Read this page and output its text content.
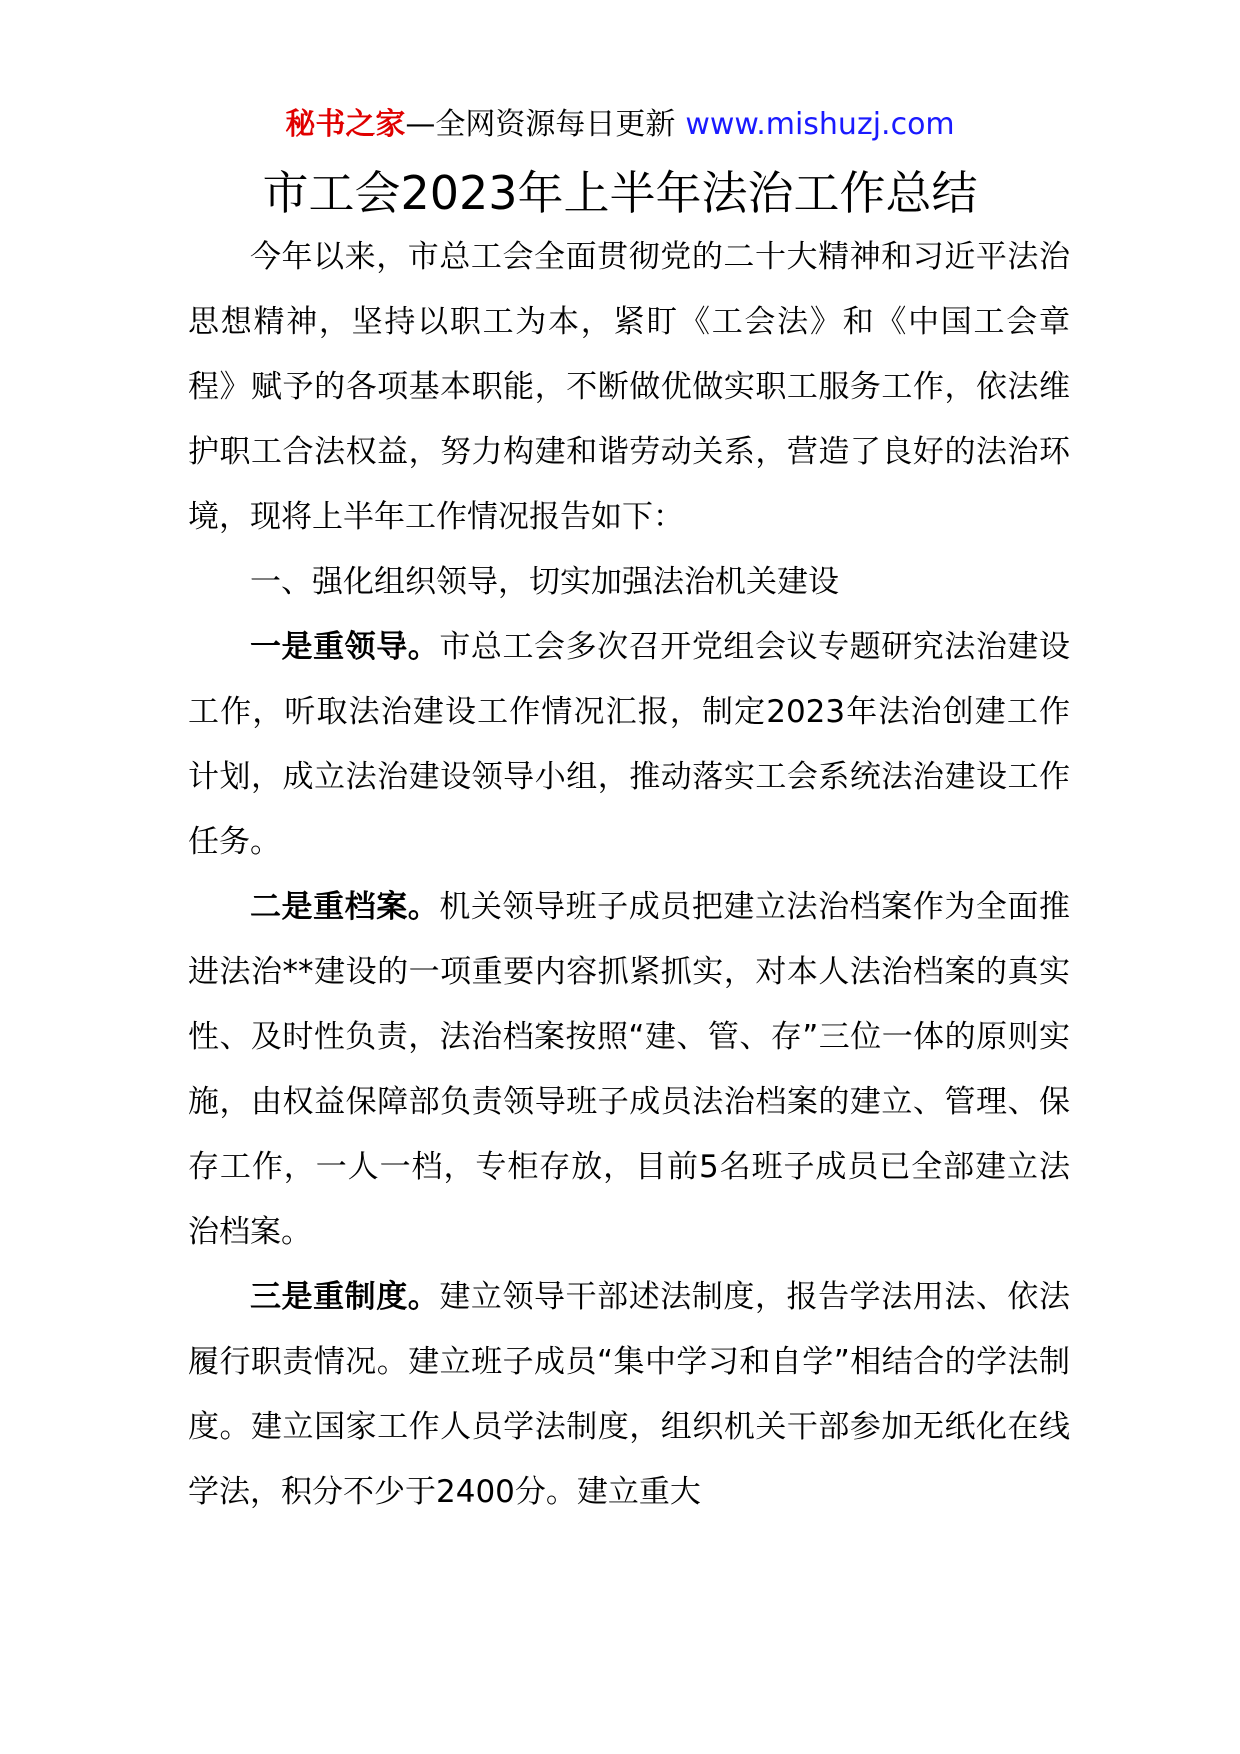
秘书之家—全网资源每日更新 www.mishuzj.com
市工会2023年上半年法治工作总结

今年以来，市总工会全面贯彻党的二十大精神和习近平法治思想精神，坚持以职工为本，紧盯《工会法》和《中国工会章程》赋予的各项基本职能，不断做优做实职工服务工作，依法维护职工合法权益，努力构建和谐劳动关系，营造了良好的法治环境，现将上半年工作情况报告如下：

一、强化组织领导，切实加强法治机关建设

一是重领导。市总工会多次召开党组会议专题研究法治建设工作，听取法治建设工作情况汇报，制定2023年法治创建工作计划，成立法治建设领导小组，推动落实工会系统法治建设工作任务。

二是重档案。机关领导班子成员把建立法治档案作为全面推进法治**建设的一项重要内容抓紧抓实，对本人法治档案的真实性、及时性负责，法治档案按照“建、管、存”三位一体的原则实施，由权益保障部负责领导班子成员法治档案的建立、管理、保存工作，一人一档，专柜存放，目前5名班子成员已全部建立法治档案。

三是重制度。建立领导干部述法制度，报告学法用法、依法履行职责情况。建立班子成员“集中学习和自学”相结合的学法制度。建立国家工作人员学法制度，组织机关干部参加无纸化在线学法，积分不少于2400分。建立重大
